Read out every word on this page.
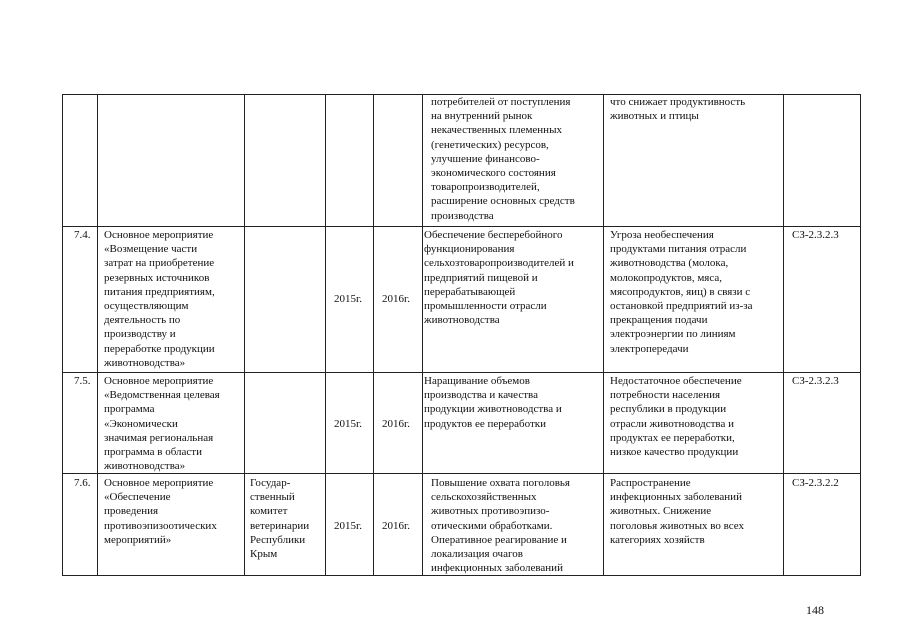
потребителей от поступления
на внутренний рынок
некачественных племенных
(генетических) ресурсов,
улучшение финансово-
экономического состояния
товаропроизводителей,
расширение основных средств
производства
что снижает продуктивность
животных и птицы
7.4. Основное мероприятие
«Возмещение части
затрат на приобретение
резервных источников
питания предприятиям,
осуществляющим
деятельность по
производству и
переработке продукции
животноводства»
2015г. 2016г.
Обеспечение бесперебойного
функционирования
сельхозтоваропроизводителей и
предприятий пищевой и
перерабатывающей
промышленности отрасли
животноводства
Угроза необеспечения
продуктами питания отрасли
животноводства (молока,
молокопродуктов, мяса,
мясопродуктов, яиц) в связи с
остановкой предприятий из-за
прекращения подачи
электроэнергии по линиям
электропередачи
СЗ-2.3.2.3
7.5. Основное мероприятие
«Ведомственная целевая
программа
«Экономически
значимая региональная
программа в области
животноводства»
2015г. 2016г.
Наращивание объемов
производства и качества
продукции животноводства и
продуктов ее переработки
Недостаточное обеспечение
потребности населения
республики в продукции
отрасли животноводства и
продуктах ее переработки,
низкое качество продукции
СЗ-2.3.2.3
7.6. Основное мероприятие
«Обеспечение
проведения
противоэпизоотических
мероприятий»
Государ-
ственный
комитет
ветеринарии
Республики
Крым
2015г. 2016г.
Повышение охвата поголовья
сельскохозяйственных
животных противоэпизо-
отическими обработками.
Оперативное реагирование и
локализация очагов
инфекционных заболеваний
Распространение
инфекционных заболеваний
животных. Снижение
поголовья животных во всех
категориях хозяйств
СЗ-2.3.2.2
148
